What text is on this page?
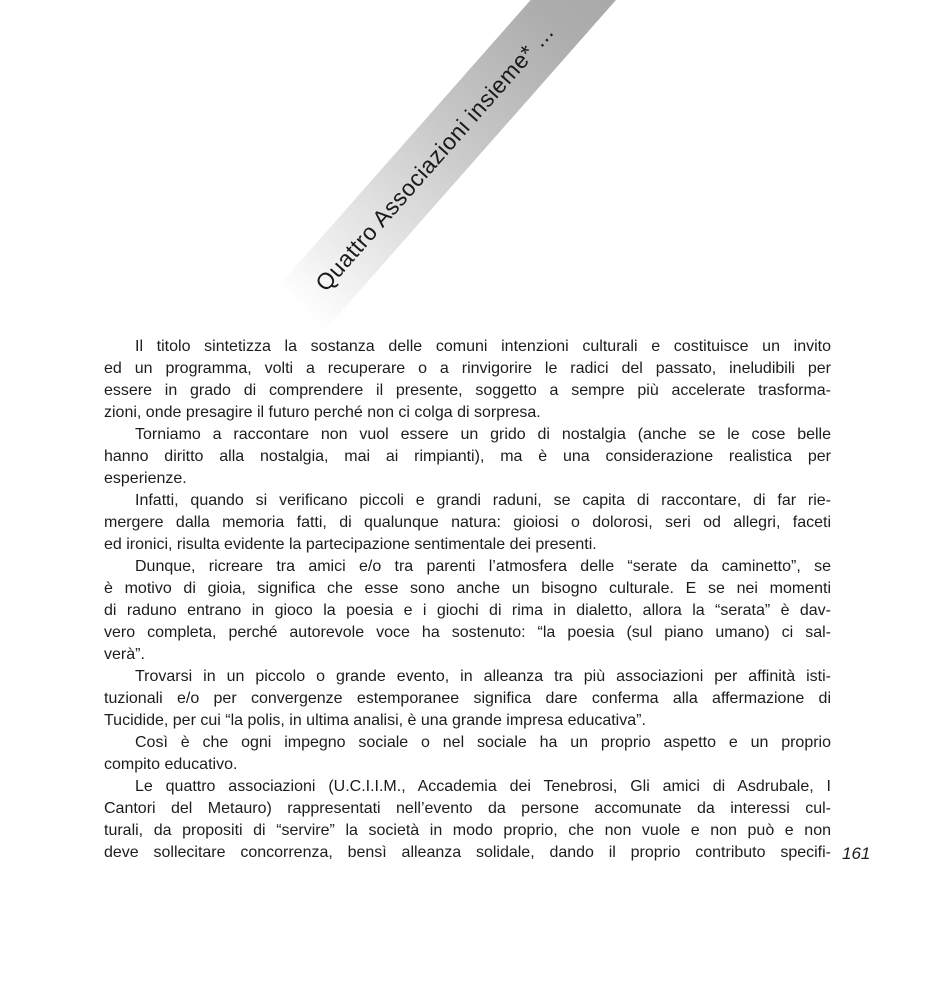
Quattro Associazioni insieme* ...
Il titolo sintetizza la sostanza delle comuni intenzioni culturali e costituisce un invito
ed un programma, volti a recuperare o a rinvigorire le radici del passato, ineludibili per
essere in grado di comprendere il presente, soggetto a sempre più accelerate trasforma-
zioni, onde presagire il futuro perché non ci colga di sorpresa.
Torniamo a raccontare non vuol essere un grido di nostalgia (anche se le cose belle
hanno diritto alla nostalgia, mai ai rimpianti), ma è una considerazione realistica per
esperienze.
Infatti, quando si verificano piccoli e grandi raduni, se capita di raccontare, di far rie-
mergere dalla memoria fatti, di qualunque natura: gioiosi o dolorosi, seri od allegri, faceti
ed ironici, risulta evidente la partecipazione sentimentale dei presenti.
Dunque, ricreare tra amici e/o tra parenti l’atmosfera delle “serate da caminetto”, se
è motivo di gioia, significa che esse sono anche un bisogno culturale. E se nei momenti
di raduno entrano in gioco la poesia e i giochi di rima in dialetto, allora la “serata” è dav-
vero completa, perché autorevole voce ha sostenuto: “la poesia (sul piano umano) ci sal-
verà”.
Trovarsi in un piccolo o grande evento, in alleanza tra più associazioni per affinità isti-
tuzionali e/o per convergenze estemporanee significa dare conferma alla affermazione di
Tucidide, per cui “la polis, in ultima analisi, è una grande impresa educativa”.
Così è che ogni impegno sociale o nel sociale ha un proprio aspetto e un proprio
compito educativo.
Le quattro associazioni (U.C.I.I.M., Accademia dei Tenebrosi, Gli amici di Asdrubale, I
Cantori del Metauro) rappresentati nell’evento da persone accomunate da interessi cul-
turali, da propositi di “servire” la società in modo proprio, che non vuole e non può e non
deve sollecitare concorrenza, bensì alleanza solidale, dando il proprio contributo specifi- 161
